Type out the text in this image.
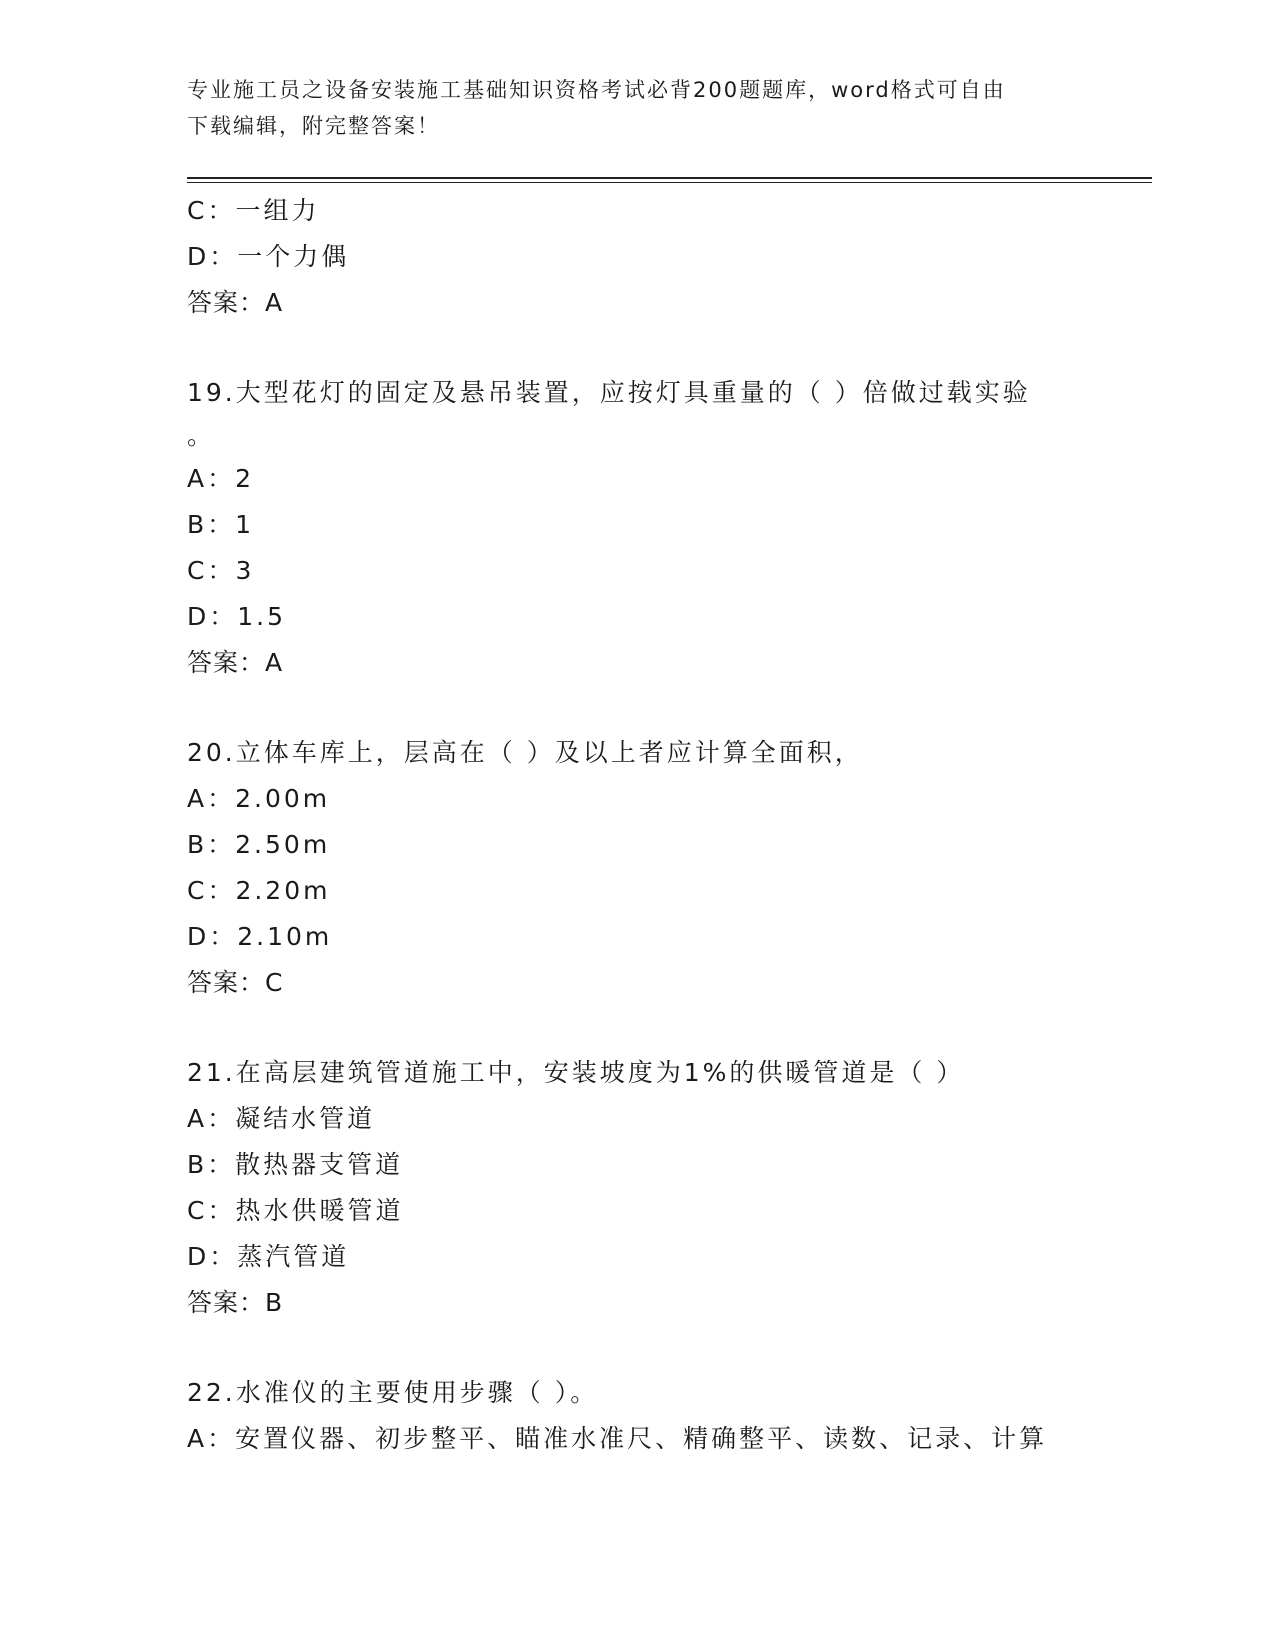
专业施工员之设备安装施工基础知识资格考试必背200题题库，word格式可自由
下载编辑，附完整答案！
C：一组力
D：一个力偶
答案：A
19.大型花灯的固定及悬吊装置，应按灯具重量的（ ）倍做过载实验
。
A：2
B：1
C：3
D：1.5
答案：A
20.立体车库上，层高在（ ）及以上者应计算全面积，
A：2.00m
B：2.50m
C：2.20m
D：2.10m
答案：C
21.在高层建筑管道施工中，安装坡度为1%的供暖管道是（ ）
A：凝结水管道
B：散热器支管道
C：热水供暖管道
D：蒸汽管道
答案：B
22.水准仪的主要使用步骤（ ）。
A：安置仪器、初步整平、瞄准水准尺、精确整平、读数、记录、计算
